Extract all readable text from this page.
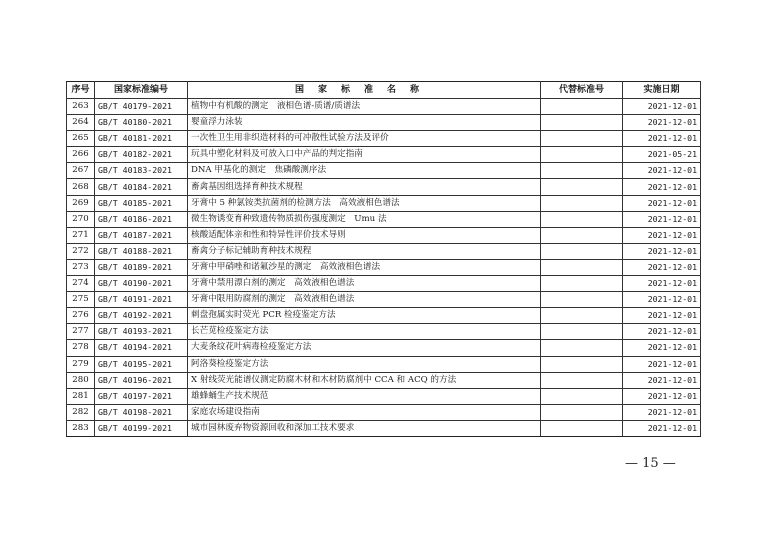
序号	国家标准编号	国家标准名称	代替标准号	实施日期
263	GB/T 40179-2021	植物中有机酸的测定　液相色谱-质谱/质谱法		2021-12-01
264	GB/T 40180-2021	婴童浮力泳装		2021-12-01
265	GB/T 40181-2021	一次性卫生用非织造材料的可冲散性试验方法及评价		2021-12-01
266	GB/T 40182-2021	玩具中塑化材料及可放入口中产品的判定指南		2021-05-21
267	GB/T 40183-2021	DNA 甲基化的测定　焦磷酸测序法		2021-12-01
268	GB/T 40184-2021	畜禽基因组选择育种技术规程		2021-12-01
269	GB/T 40185-2021	牙膏中 5 种氯铵类抗菌剂的检测方法　高效液相色谱法		2021-12-01
270	GB/T 40186-2021	微生物诱变育种致遗传物质损伤强度测定　Umu 法		2021-12-01
271	GB/T 40187-2021	核酸适配体亲和性和特异性评价技术导则		2021-12-01
272	GB/T 40188-2021	畜禽分子标记辅助育种技术规程		2021-12-01
273	GB/T 40189-2021	牙膏中甲硝唑和诺氟沙星的测定　高效液相色谱法		2021-12-01
274	GB/T 40190-2021	牙膏中禁用漂白剂的测定　高效液相色谱法		2021-12-01
275	GB/T 40191-2021	牙膏中限用防腐剂的测定　高效液相色谱法		2021-12-01
276	GB/T 40192-2021	刺盘孢属实时荧光 PCR 检疫鉴定方法		2021-12-01
277	GB/T 40193-2021	长芒苋检疫鉴定方法		2021-12-01
278	GB/T 40194-2021	大麦条纹花叶病毒检疫鉴定方法		2021-12-01
279	GB/T 40195-2021	阿洛葵检疫鉴定方法		2021-12-01
280	GB/T 40196-2021	X 射线荧光能谱仪测定防腐木材和木材防腐剂中 CCA 和 ACQ 的方法		2021-12-01
281	GB/T 40197-2021	雄蜂蛹生产技术规范		2021-12-01
282	GB/T 40198-2021	家庭农场建设指南		2021-12-01
283	GB/T 40199-2021	城市园林废弃物资源回收和深加工技术要求		2021-12-01
— 15 —
